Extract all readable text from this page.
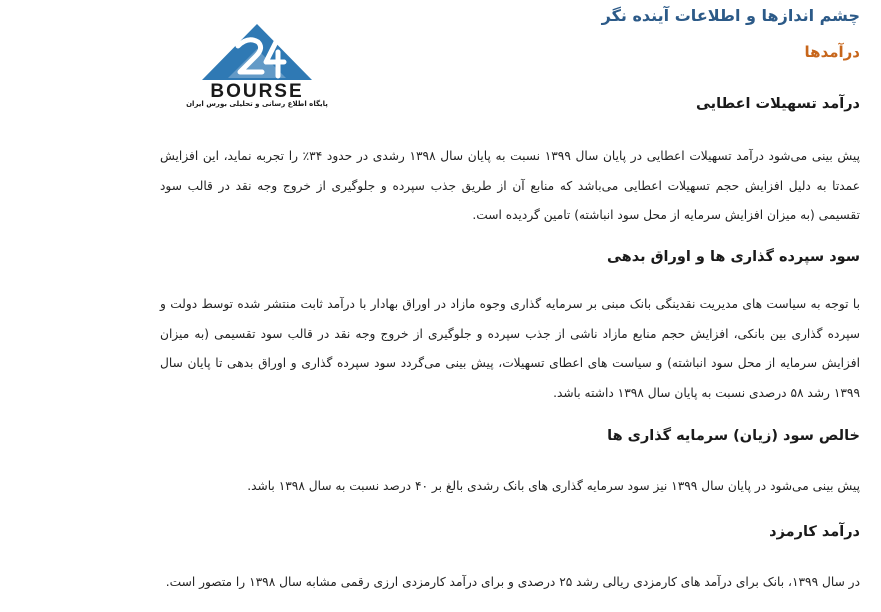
BOURSE
پایگاه اطلاع رسانی و تحلیلی بورس ایران
چشم اندازها و اطلاعات آینده نگر
درآمدها
درآمد تسهیلات اعطایی
پیش بینی می‌شود درآمد تسهیلات اعطایی در پایان سال ۱۳۹۹ نسبت به پایان سال ۱۳۹۸ رشدی در حدود ۳۴٪ را تجربه نماید، این افزایش عمدتا به دلیل افزایش حجم تسهیلات اعطایی می‌باشد که منابع آن از طریق جذب سپرده و جلوگیری از خروج وجه نقد در قالب سود تقسیمی (به میزان افزایش سرمایه از محل سود انباشته) تامین گردیده است.
سود سپرده گذاری ها و اوراق بدهی
با توجه به سیاست های مدیریت نقدینگی بانک مبنی بر سرمایه گذاری وجوه مازاد در اوراق بهادار با درآمد ثابت منتشر شده توسط دولت و سپرده گذاری بین بانکی، افزایش حجم منابع مازاد ناشی از جذب سپرده و جلوگیری از خروج وجه نقد در قالب سود تقسیمی (به میزان افزایش سرمایه از محل سود انباشته) و سیاست های اعطای تسهیلات، پیش بینی می‌گردد سود سپرده گذاری و اوراق بدهی تا پایان سال ۱۳۹۹ رشد ۵۸ درصدی نسبت به پایان سال ۱۳۹۸ داشته باشد.
خالص سود (زیان) سرمایه گذاری ها
پیش بینی می‌شود در پایان سال ۱۳۹۹ نیز سود سرمایه گذاری های بانک رشدی بالغ بر ۴۰ درصد نسبت به سال ۱۳۹۸ باشد.
درآمد کارمزد
در سال ۱۳۹۹، بانک برای درآمد های کارمزدی ریالی رشد ۲۵ درصدی و برای درآمد کارمزدی ارزی رقمی مشابه سال ۱۳۹۸ را متصور است.
